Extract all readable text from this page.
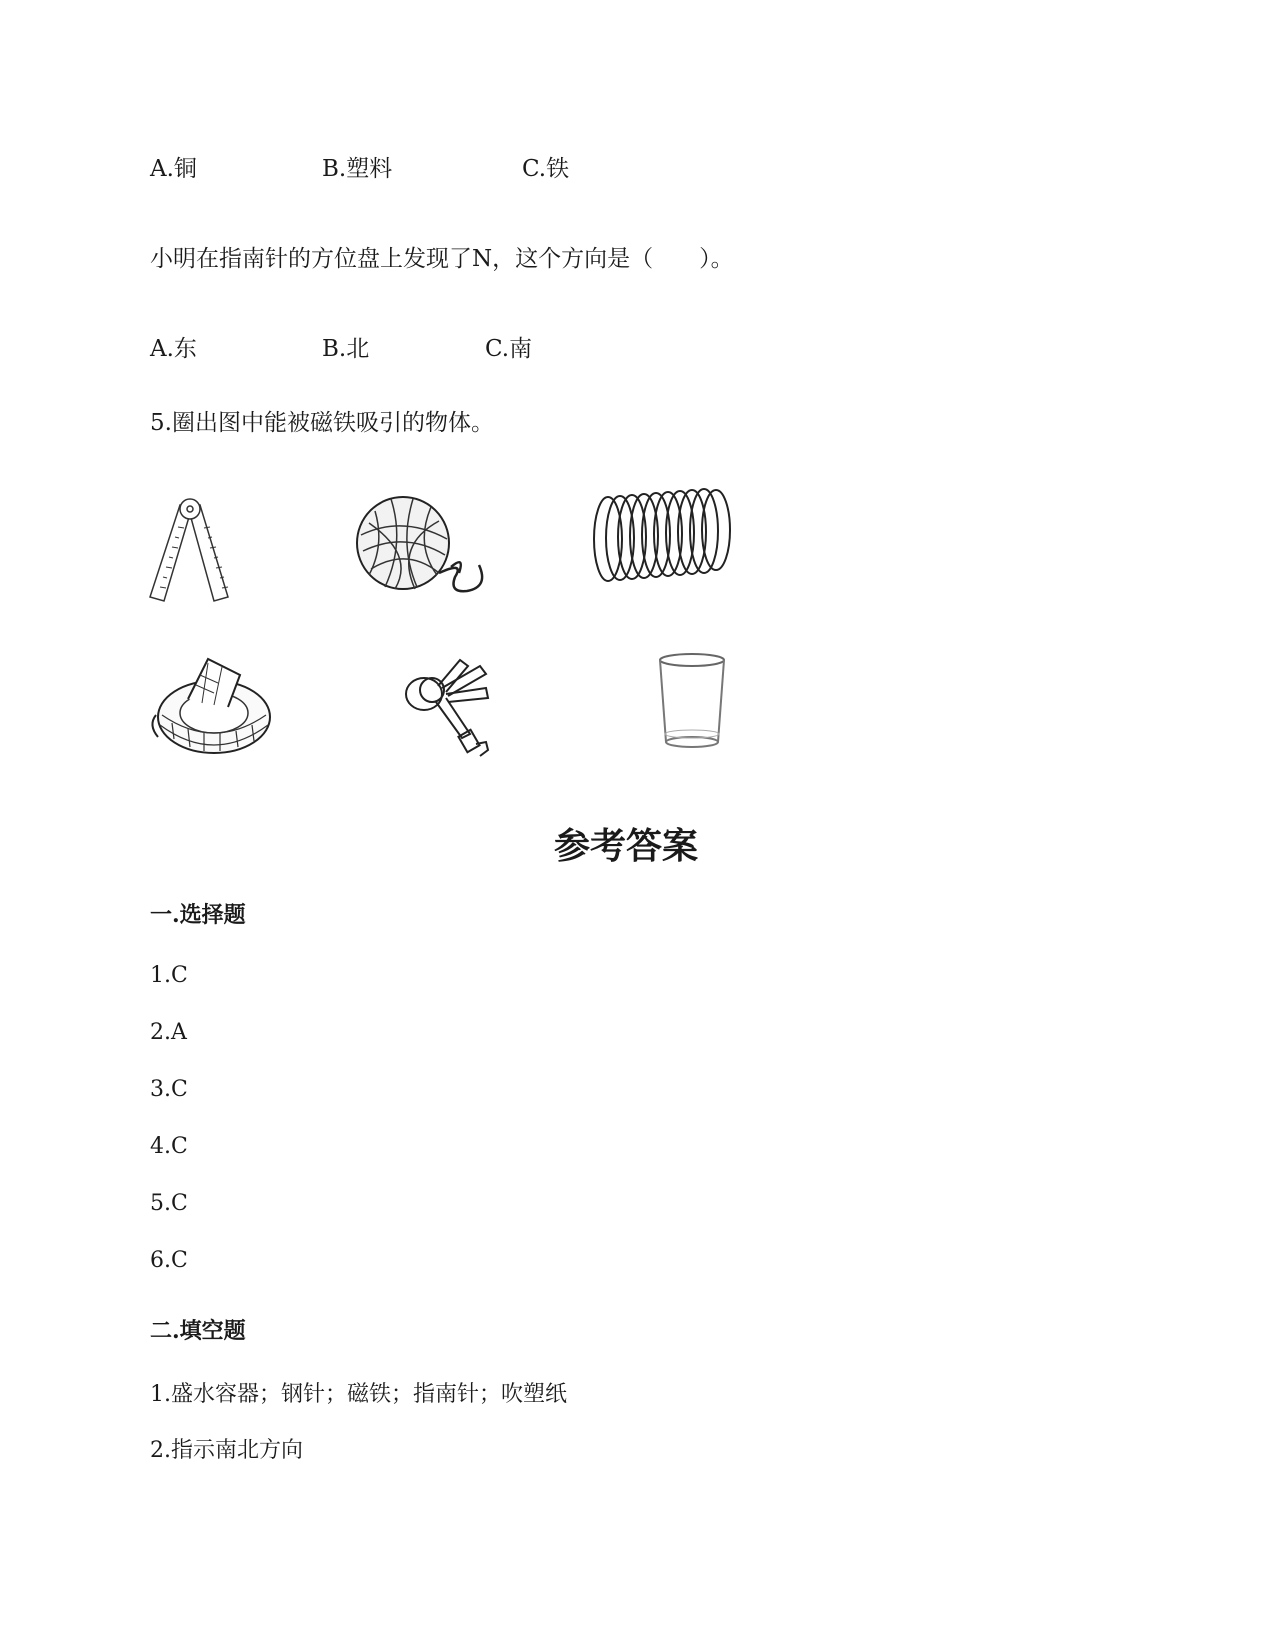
A.铜	B.塑料	C.铁
小明在指南针的方位盘上发现了N，这个方向是（　　）。
A.东	B.北	C.南
5.圈出图中能被磁铁吸引的物体。
参考答案
一.选择题
1.C
2.A
3.C
4.C
5.C
6.C
二.填空题
1.盛水容器；钢针；磁铁；指南针；吹塑纸
2.指示南北方向
